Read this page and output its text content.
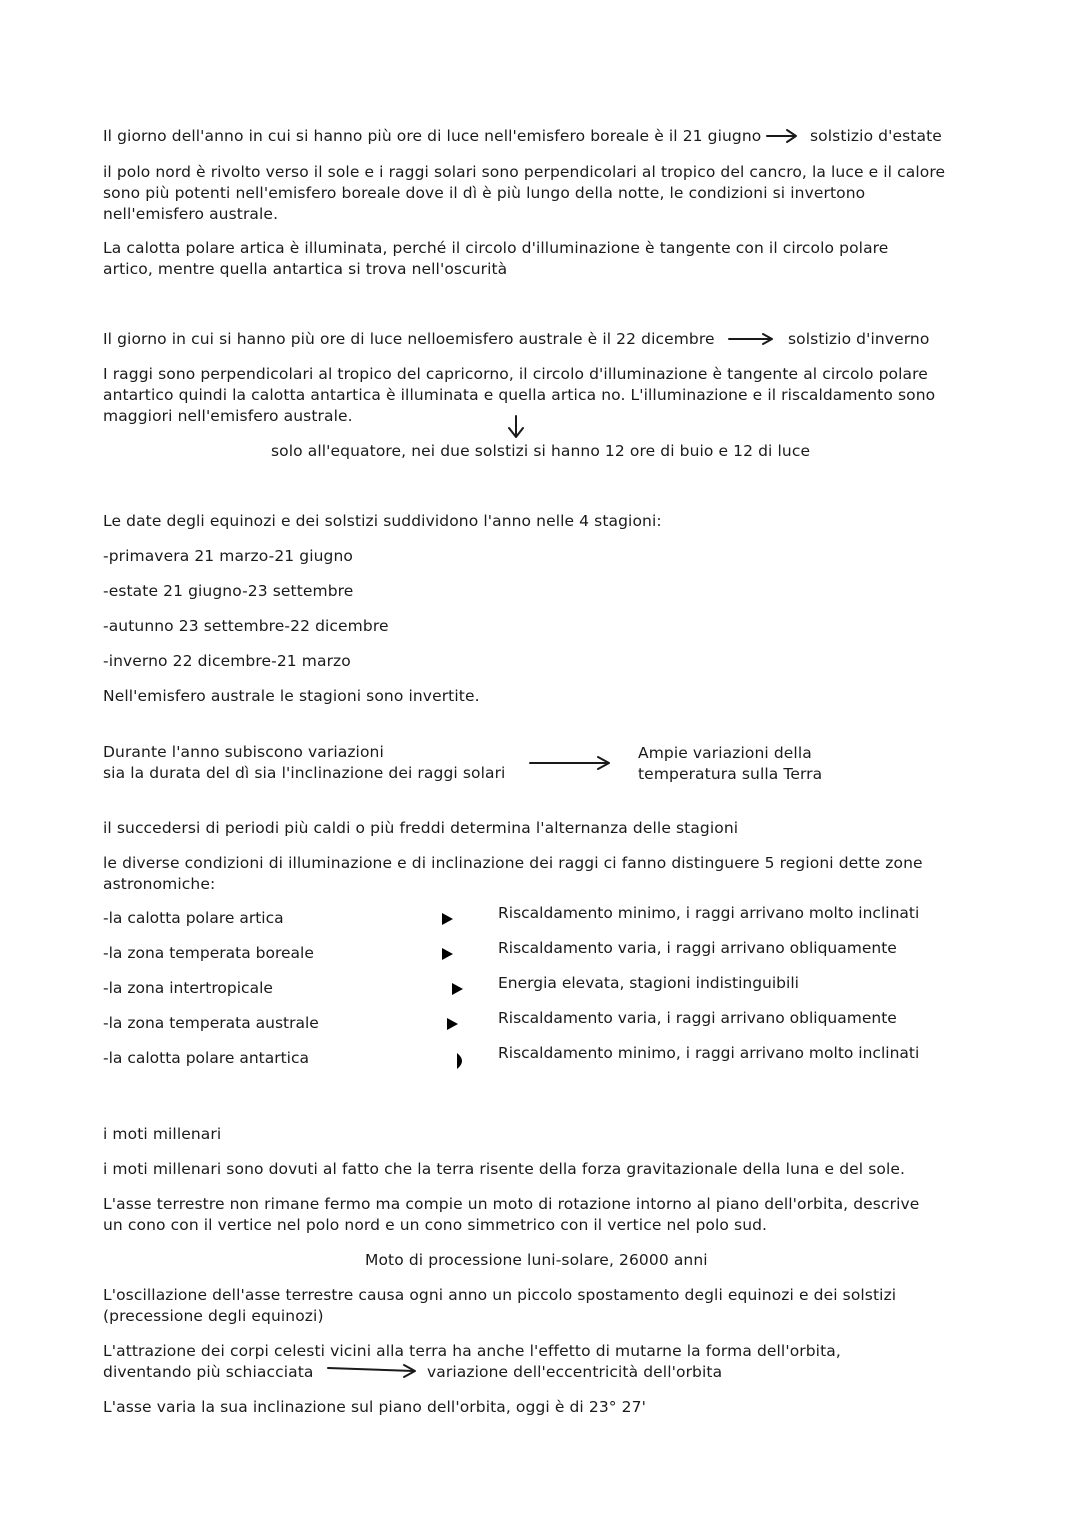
Il giorno dell'anno in cui si hanno più ore di luce nell'emisfero boreale è il 21 giugno	solstizio d'estate

il polo nord è rivolto verso il sole e i raggi solari sono perpendicolari al tropico del cancro, la luce e il calore

sono più potenti nell'emisfero boreale dove il dì è più lungo della notte, le condizioni si invertono

nell'emisfero australe.

La calotta polare artica è illuminata, perché il circolo d'illuminazione è tangente con il circolo polare

artico, mentre quella antartica si trova nell'oscurità

Il giorno in cui si hanno più ore di luce nelloemisfero australe è il 22 dicembre	solstizio d'inverno

I raggi sono perpendicolari al tropico del capricorno, il circolo d'illuminazione è tangente al circolo polare

antartico quindi la calotta antartica è illuminata e quella artica no. L'illuminazione e il riscaldamento sono

maggiori nell'emisfero australe.

solo all'equatore, nei due solstizi si hanno 12 ore di buio e 12 di luce

Le date degli equinozi e dei solstizi suddividono l'anno nelle 4 stagioni:

-primavera 21 marzo-21 giugno

-estate 21 giugno-23 settembre

-autunno 23 settembre-22 dicembre

-inverno 22 dicembre-21 marzo

Nell'emisfero australe le stagioni sono invertite.

Durante l'anno subiscono variazioni

sia la durata del dì sia l'inclinazione dei raggi solari

Ampie variazioni della

temperatura sulla Terra

il succedersi di periodi più caldi o più freddi determina l'alternanza delle stagioni

le diverse condizioni di illuminazione e di inclinazione dei raggi ci fanno distinguere 5 regioni dette zone

astronomiche:

-la calotta polare artica	Riscaldamento minimo, i raggi arrivano molto inclinati
-la zona temperata boreale	Riscaldamento varia, i raggi arrivano obliquamente
-la zona intertropicale	Energia elevata, stagioni indistinguibili
-la zona temperata australe	Riscaldamento varia, i raggi arrivano obliquamente
-la calotta polare antartica	Riscaldamento minimo, i raggi arrivano molto inclinati

i moti millenari

i moti millenari sono dovuti al fatto che la terra risente della forza gravitazionale della luna e del sole.

L'asse terrestre non rimane fermo ma compie un moto di rotazione intorno al piano dell'orbita, descrive

un cono con il vertice nel polo nord e un cono simmetrico con il vertice nel polo sud.

Moto di processione luni-solare, 26000 anni

L'oscillazione dell'asse terrestre causa ogni anno un piccolo spostamento degli equinozi e dei solstizi

(precessione degli equinozi)

L'attrazione dei corpi celesti vicini alla terra ha anche l'effetto di mutarne la forma dell'orbita,

diventando più schiacciata	variazione dell'eccentricità dell'orbita

L'asse varia la sua inclinazione sul piano dell'orbita, oggi è di 23° 27'
